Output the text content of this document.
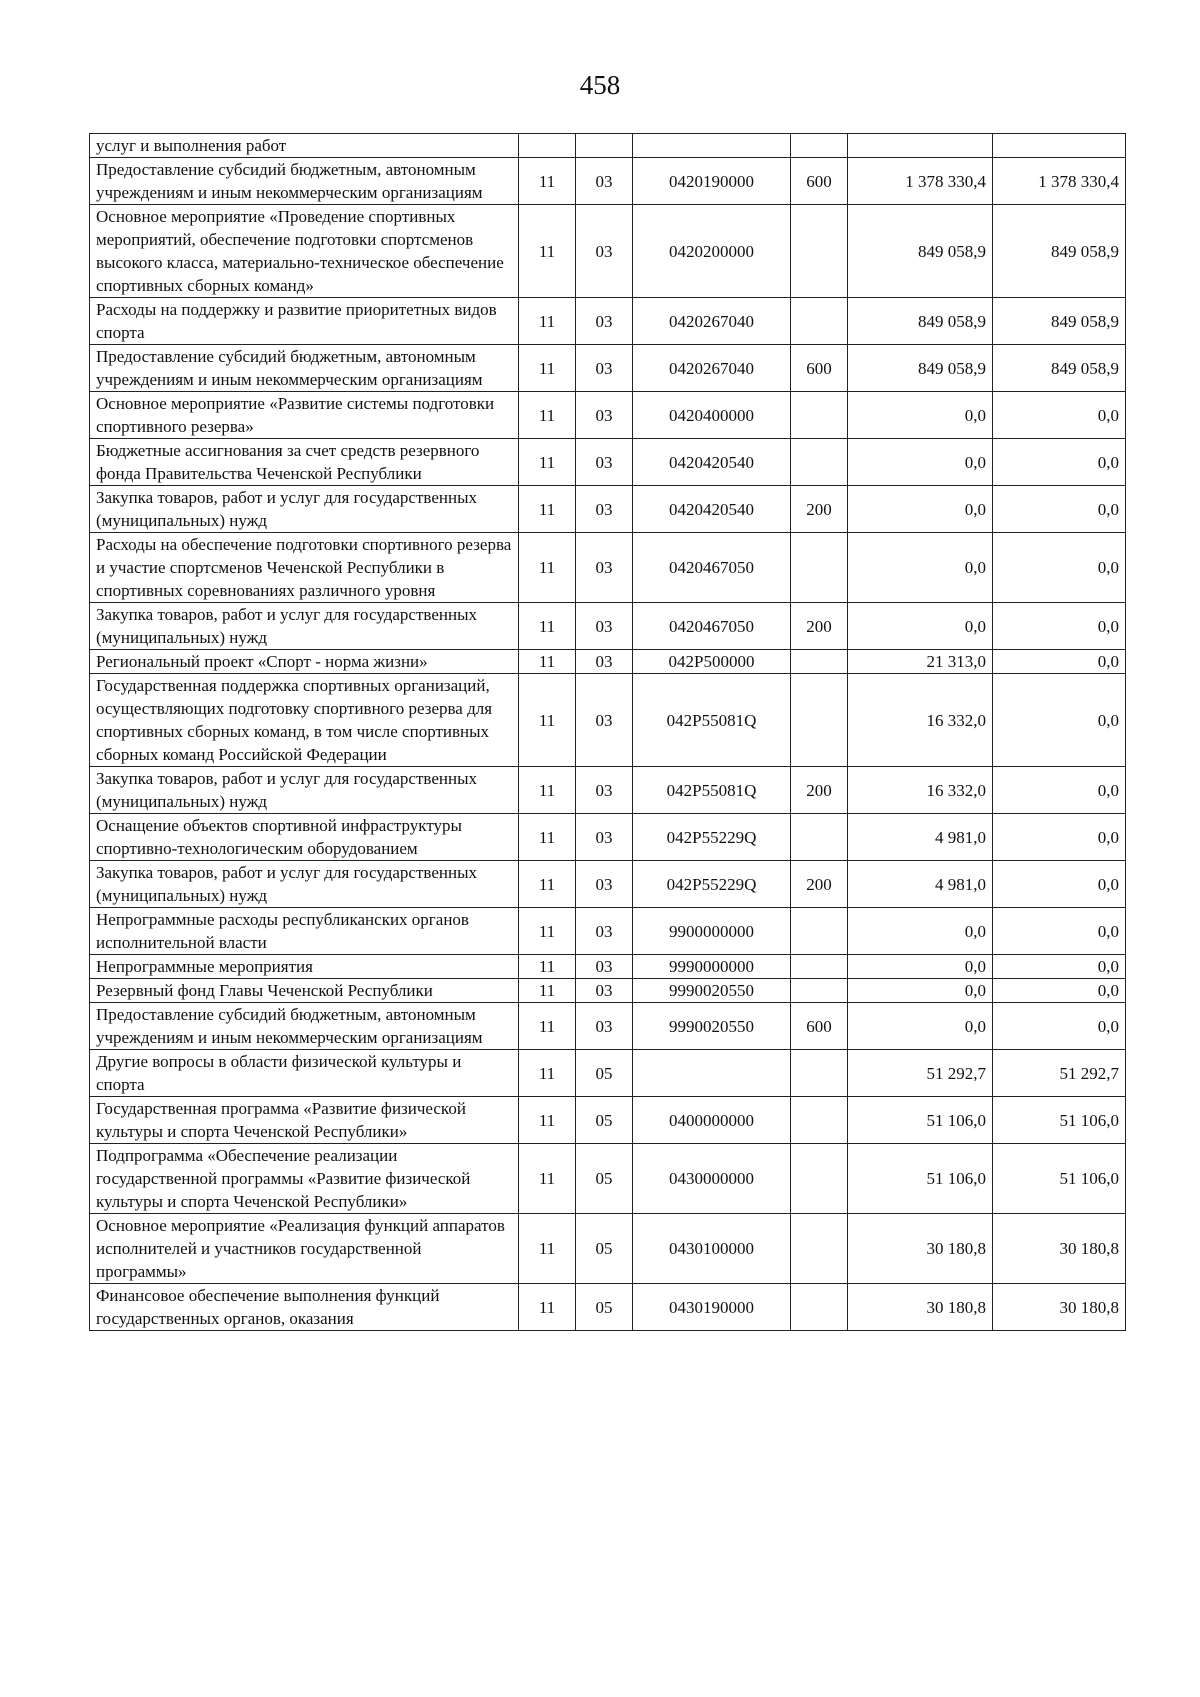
458
услуг и выполнения работ						
Предоставление субсидий бюджетным, автономным учреждениям и иным некоммерческим организациям	11	03	0420190000	600	1 378 330,4	1 378 330,4
Основное мероприятие «Проведение спортивных мероприятий, обеспечение подготовки спортсменов высокого класса, материально-техническое обеспечение спортивных сборных команд»	11	03	0420200000		849 058,9	849 058,9
Расходы на поддержку и развитие приоритетных видов спорта	11	03	0420267040		849 058,9	849 058,9
Предоставление субсидий бюджетным, автономным учреждениям и иным некоммерческим организациям	11	03	0420267040	600	849 058,9	849 058,9
Основное мероприятие «Развитие системы подготовки спортивного резерва»	11	03	0420400000		0,0	0,0
Бюджетные ассигнования за счет средств резервного фонда Правительства Чеченской Республики	11	03	0420420540		0,0	0,0
Закупка товаров, работ и услуг для государственных (муниципальных) нужд	11	03	0420420540	200	0,0	0,0
Расходы на обеспечение подготовки спортивного резерва и участие спортсменов Чеченской Республики в спортивных соревнованиях различного уровня	11	03	0420467050		0,0	0,0
Закупка товаров, работ и услуг для государственных (муниципальных) нужд	11	03	0420467050	200	0,0	0,0
Региональный проект «Спорт - норма жизни»	11	03	042P500000		21 313,0	0,0
Государственная поддержка спортивных организаций, осуществляющих подготовку спортивного резерва для спортивных сборных команд, в том числе спортивных сборных команд Российской Федерации	11	03	042P55081Q		16 332,0	0,0
Закупка товаров, работ и услуг для государственных (муниципальных) нужд	11	03	042P55081Q	200	16 332,0	0,0
Оснащение объектов спортивной инфраструктуры спортивно-технологическим оборудованием	11	03	042P55229Q		4 981,0	0,0
Закупка товаров, работ и услуг для государственных (муниципальных) нужд	11	03	042P55229Q	200	4 981,0	0,0
Непрограммные расходы республиканских органов исполнительной власти	11	03	9900000000		0,0	0,0
Непрограммные мероприятия	11	03	9990000000		0,0	0,0
Резервный фонд Главы Чеченской Республики	11	03	9990020550		0,0	0,0
Предоставление субсидий бюджетным, автономным учреждениям и иным некоммерческим организациям	11	03	9990020550	600	0,0	0,0
Другие вопросы в области физической культуры и спорта	11	05			51 292,7	51 292,7
Государственная программа «Развитие физической культуры и спорта Чеченской Республики»	11	05	0400000000		51 106,0	51 106,0
Подпрограмма «Обеспечение реализации государственной программы «Развитие физической культуры и спорта Чеченской Республики»	11	05	0430000000		51 106,0	51 106,0
Основное мероприятие «Реализация функций аппаратов исполнителей и участников государственной программы»	11	05	0430100000		30 180,8	30 180,8
Финансовое обеспечение выполнения функций государственных органов, оказания	11	05	0430190000		30 180,8	30 180,8
